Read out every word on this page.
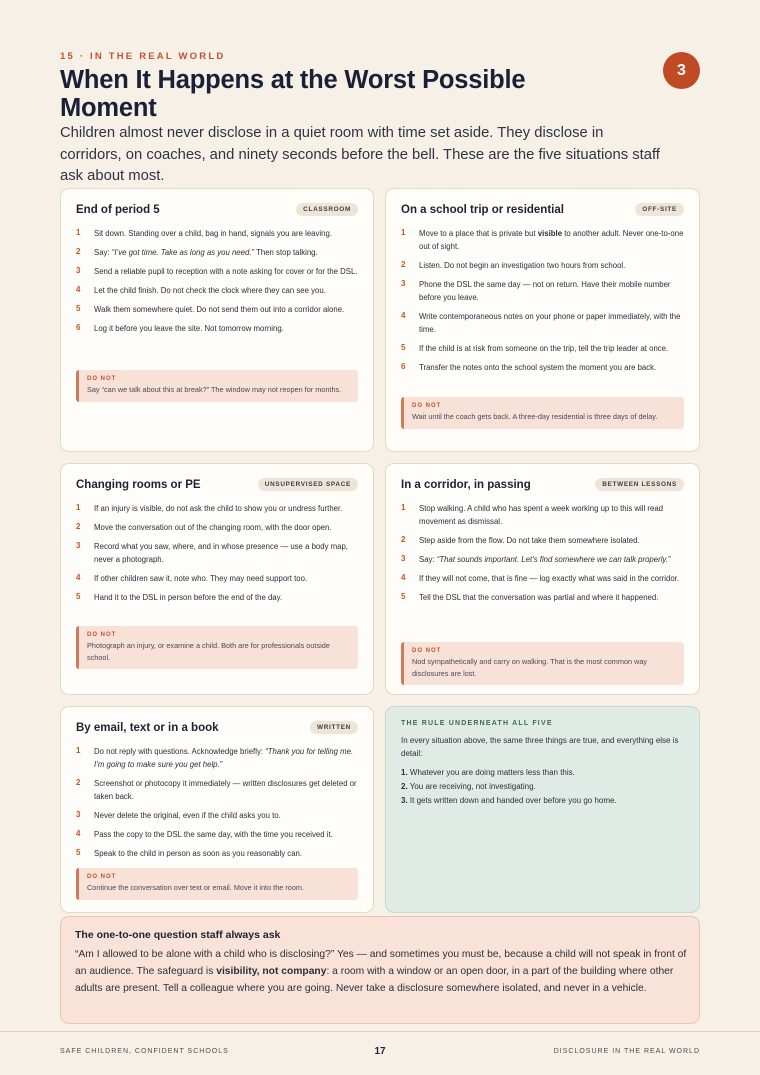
15 · IN THE REAL WORLD
When It Happens at the Worst Possible Moment
3

Children almost never disclose in a quiet room with time set aside. They disclose in corridors, on coaches, and ninety seconds before the bell. These are the five situations staff ask about most.

End of period 5	CLASSROOM
1 Sit down. Standing over a child, bag in hand, signals you are leaving.
2 Say: “I’ve got time. Take as long as you need.” Then stop talking.
3 Send a reliable pupil to reception with a note asking for cover or for the DSL.
4 Let the child finish. Do not check the clock where they can see you.
5 Walk them somewhere quiet. Do not send them out into a corridor alone.
6 Log it before you leave the site. Not tomorrow morning.
DO NOT
Say “can we talk about this at break?” The window may not reopen for months.
On a school trip or residential	OFF-SITE
1 Move to a place that is private but visible to another adult. Never one-to-one out of sight.
2 Listen. Do not begin an investigation two hours from school.
3 Phone the DSL the same day — not on return. Have their mobile number before you leave.
4 Write contemporaneous notes on your phone or paper immediately, with the time.
5 If the child is at risk from someone on the trip, tell the trip leader at once.
6 Transfer the notes onto the school system the moment you are back.
DO NOT
Wait until the coach gets back. A three-day residential is three days of delay.
Changing rooms or PE	UNSUPERVISED SPACE
1 If an injury is visible, do not ask the child to show you or undress further.
2 Move the conversation out of the changing room, with the door open.
3 Record what you saw, where, and in whose presence — use a body map, never a photograph.
4 If other children saw it, note who. They may need support too.
5 Hand it to the DSL in person before the end of the day.
DO NOT
Photograph an injury, or examine a child. Both are for professionals outside school.
In a corridor, in passing	BETWEEN LESSONS
1 Stop walking. A child who has spent a week working up to this will read movement as dismissal.
2 Step aside from the flow. Do not take them somewhere isolated.
3 Say: “That sounds important. Let’s find somewhere we can talk properly.”
4 If they will not come, that is fine — log exactly what was said in the corridor.
5 Tell the DSL that the conversation was partial and where it happened.
DO NOT
Nod sympathetically and carry on walking. That is the most common way disclosures are lost.
By email, text or in a book	WRITTEN
1 Do not reply with questions. Acknowledge briefly: “Thank you for telling me. I’m going to make sure you get help.”
2 Screenshot or photocopy it immediately — written disclosures get deleted or taken back.
3 Never delete the original, even if the child asks you to.
4 Pass the copy to the DSL the same day, with the time you received it.
5 Speak to the child in person as soon as you reasonably can.
DO NOT
Continue the conversation over text or email. Move it into the room.
THE RULE UNDERNEATH ALL FIVE
In every situation above, the same three things are true, and everything else is detail:
1. Whatever you are doing matters less than this.
2. You are receiving, not investigating.
3. It gets written down and handed over before you go home.
The one-to-one question staff always ask
“Am I allowed to be alone with a child who is disclosing?” Yes — and sometimes you must be, because a child will not speak in front of an audience. The safeguard is visibility, not company: a room with a window or an open door, in a part of the building where other adults are present. Tell a colleague where you are going. Never take a disclosure somewhere isolated, and never in a vehicle.
SAFE CHILDREN, CONFIDENT SCHOOLS	17	DISCLOSURE IN THE REAL WORLD
